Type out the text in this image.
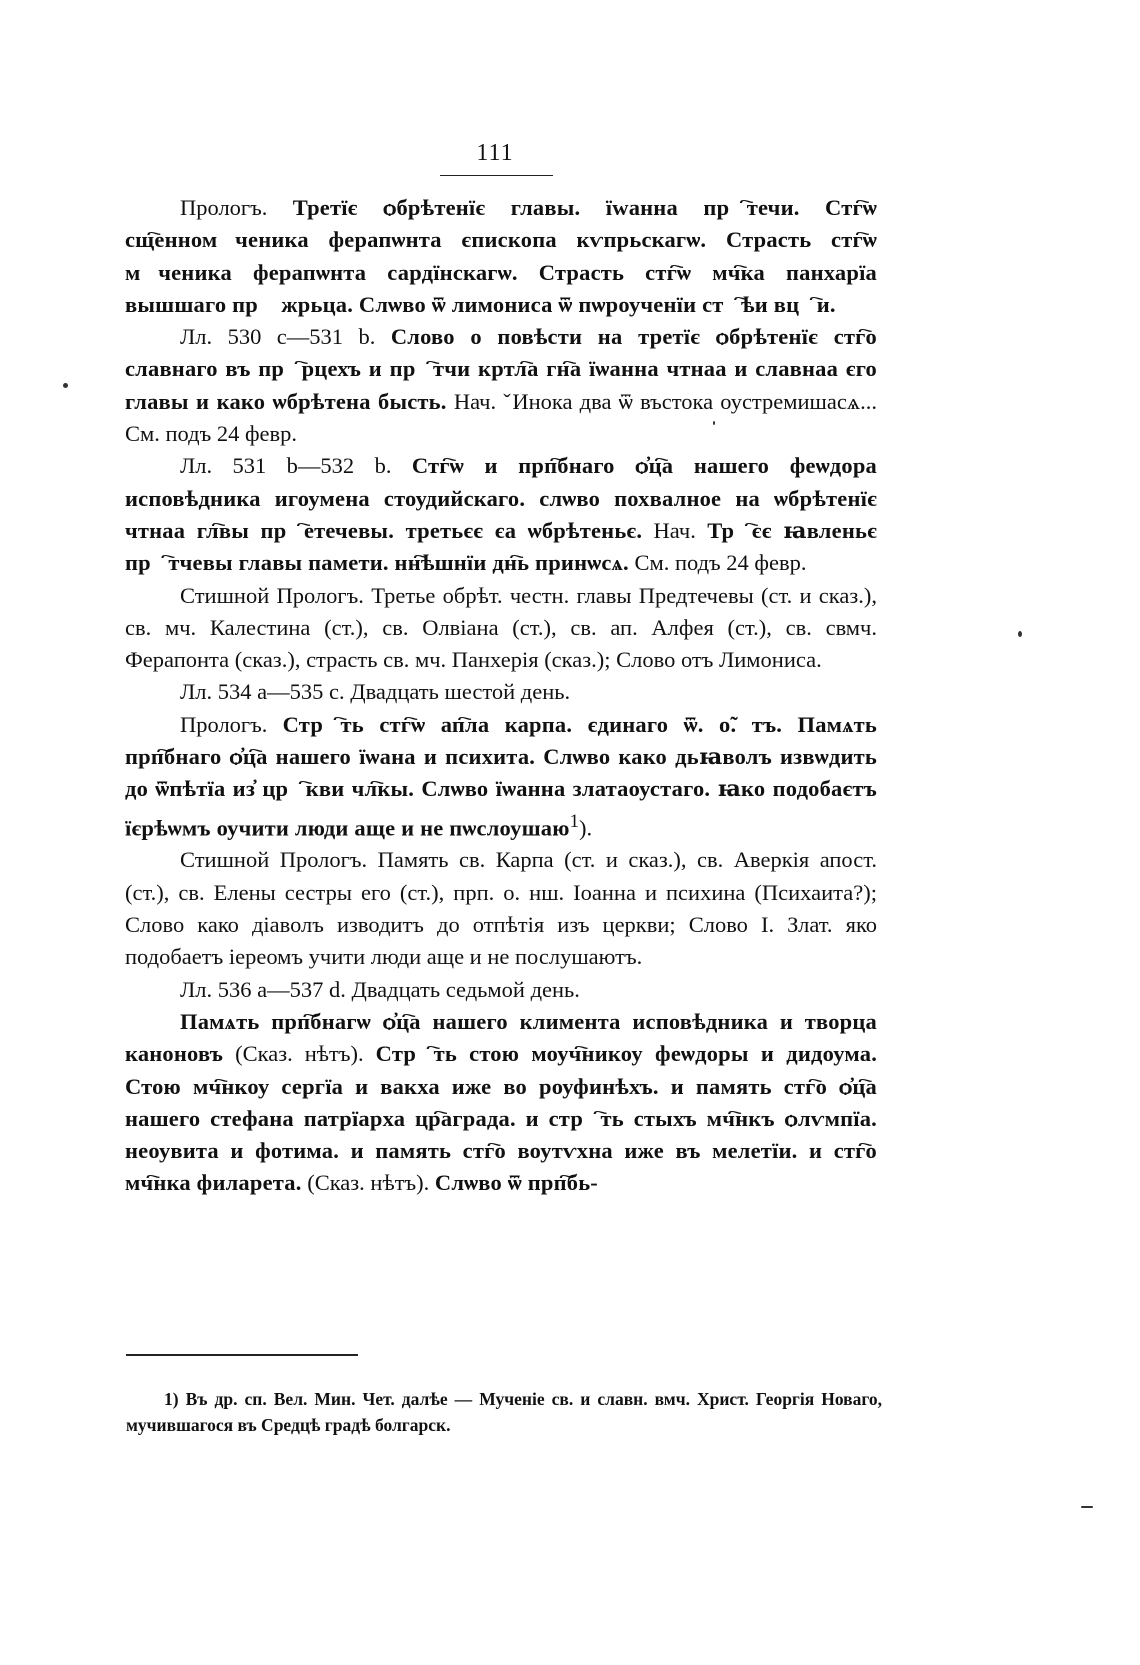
111

Прологъ. Третїє ѻбрѣтенїє главы. їwанна прⷮ҇течи. Стг҇ѡ сщ҇енномꙋченика ферапѡнта єпископа кѵпрьскагѡ. Страсть стг҇ѡ мꙋченика ферапѡнта сардїнскагѡ. Страсть стг҇ѡ мч҇ка панхарїа вышшаго прⷣ жрьца. Слѡво ѿ лимониса ѿ пѡроученїи стⷮ҇ѣи вцⷭ҇и.

Лл. 530 с—531 b. Слово о повѣсти на третїє ѻбрѣтенїє стг҇о славнаго въ прⷪ҇рцехъ и прⷮ҇тчи кртл҇а гн҇а їѡанна чтнаа и славнаа єго главы и како ѡбрѣтена бысть. Нач. ˇИнока два ѿ въстока оустремишасѧ... См. подъ 24 февр.

Лл. 531 b—532 b. Стг҇ѡ и прп҇бнаго ѻ҆ц҇а нашего феѡдора исповѣдника игоумена стоудийскаго. слѡво похвалное на ѡбрѣтенїє чтнаа гл҇вы прⷮ҇етечевы. третьєє єа ѡбрѣтеньє. Нач. Трⷮ҇єє ꙗвленьє прⷮ҇тчевы главы памети. нн҇ѣшнїи дн҇ь принѡсѧ. См. подъ 24 февр.

Стишной Прологъ. Третье обрѣт. честн. главы Предтечевы (ст. и сказ.), св. мч. Калестина (ст.), св. Олвiана (ст.), св. ап. Алфея (ст.), св. свмч. Ферапонта (сказ.), страсть св. мч. Панхерiя (сказ.); Слово отъ Лимониса.

Лл. 534 а—535 с. Двадцать шестой день.

Прологъ. Стрⷮ҇ть стг҇ѡ ап҇ла карпа. єдинаго ѿ. о̃. тъ. Памѧть прп҇бнаго ѻ҆ц҇а нашего їѡана и психита. Слѡво како дьꙗволъ извѡдить до ѿпѣтїа из҆ црⷦ҇кви чл҇кы. Слѡво їѡанна златаоустаго. ꙗко подобаєтъ їєрѣѡмъ оучити люди аще и не пѡслоушаю$^1$).

Стишной Прологъ. Память св. Карпа (ст. и сказ.), св. Аверкiя апост. (ст.), св. Елены сестры его (ст.), прп. о. нш. Iоанна и психина (Психаита?); Слово како дiаволъ изводитъ до отпѣтiя изъ церкви; Слово I. Злат. яко подобаетъ iереомъ учити люди аще и не послушаютъ.

Лл. 536 а—537 d. Двадцать седьмой день.

Памѧть прп҇бнагѡ ѻ҆ц҇а нашего климента исповѣдника и творца каноновъ (Сказ. нѣтъ). Стрⷮ҇ть стою моуч҇никоу феѡдоры и дидоума. Стою мч҇нкоу сергїа и вакха иже во роуфинѣхъ. и память стг҇о ѻ҆ц҇а нашего стефана патрїарха цр҇аграда. и стрⷮ҇ть стыхъ мч҇нкъ ѻлѵмпїа. неоувита и фотима. и память стг҇о воутѵхна иже въ мелетїи. и стг҇о мч҇нка филарета. (Сказ. нѣтъ). Слѡво ѿ прп҇бь-

1) Въ др. сп. Вел. Мин. Чет. далѣе — Мученiе св. и славн. вмч. Христ. Георгiя Новаго, мучившагося въ Средцѣ градѣ болгарск.
